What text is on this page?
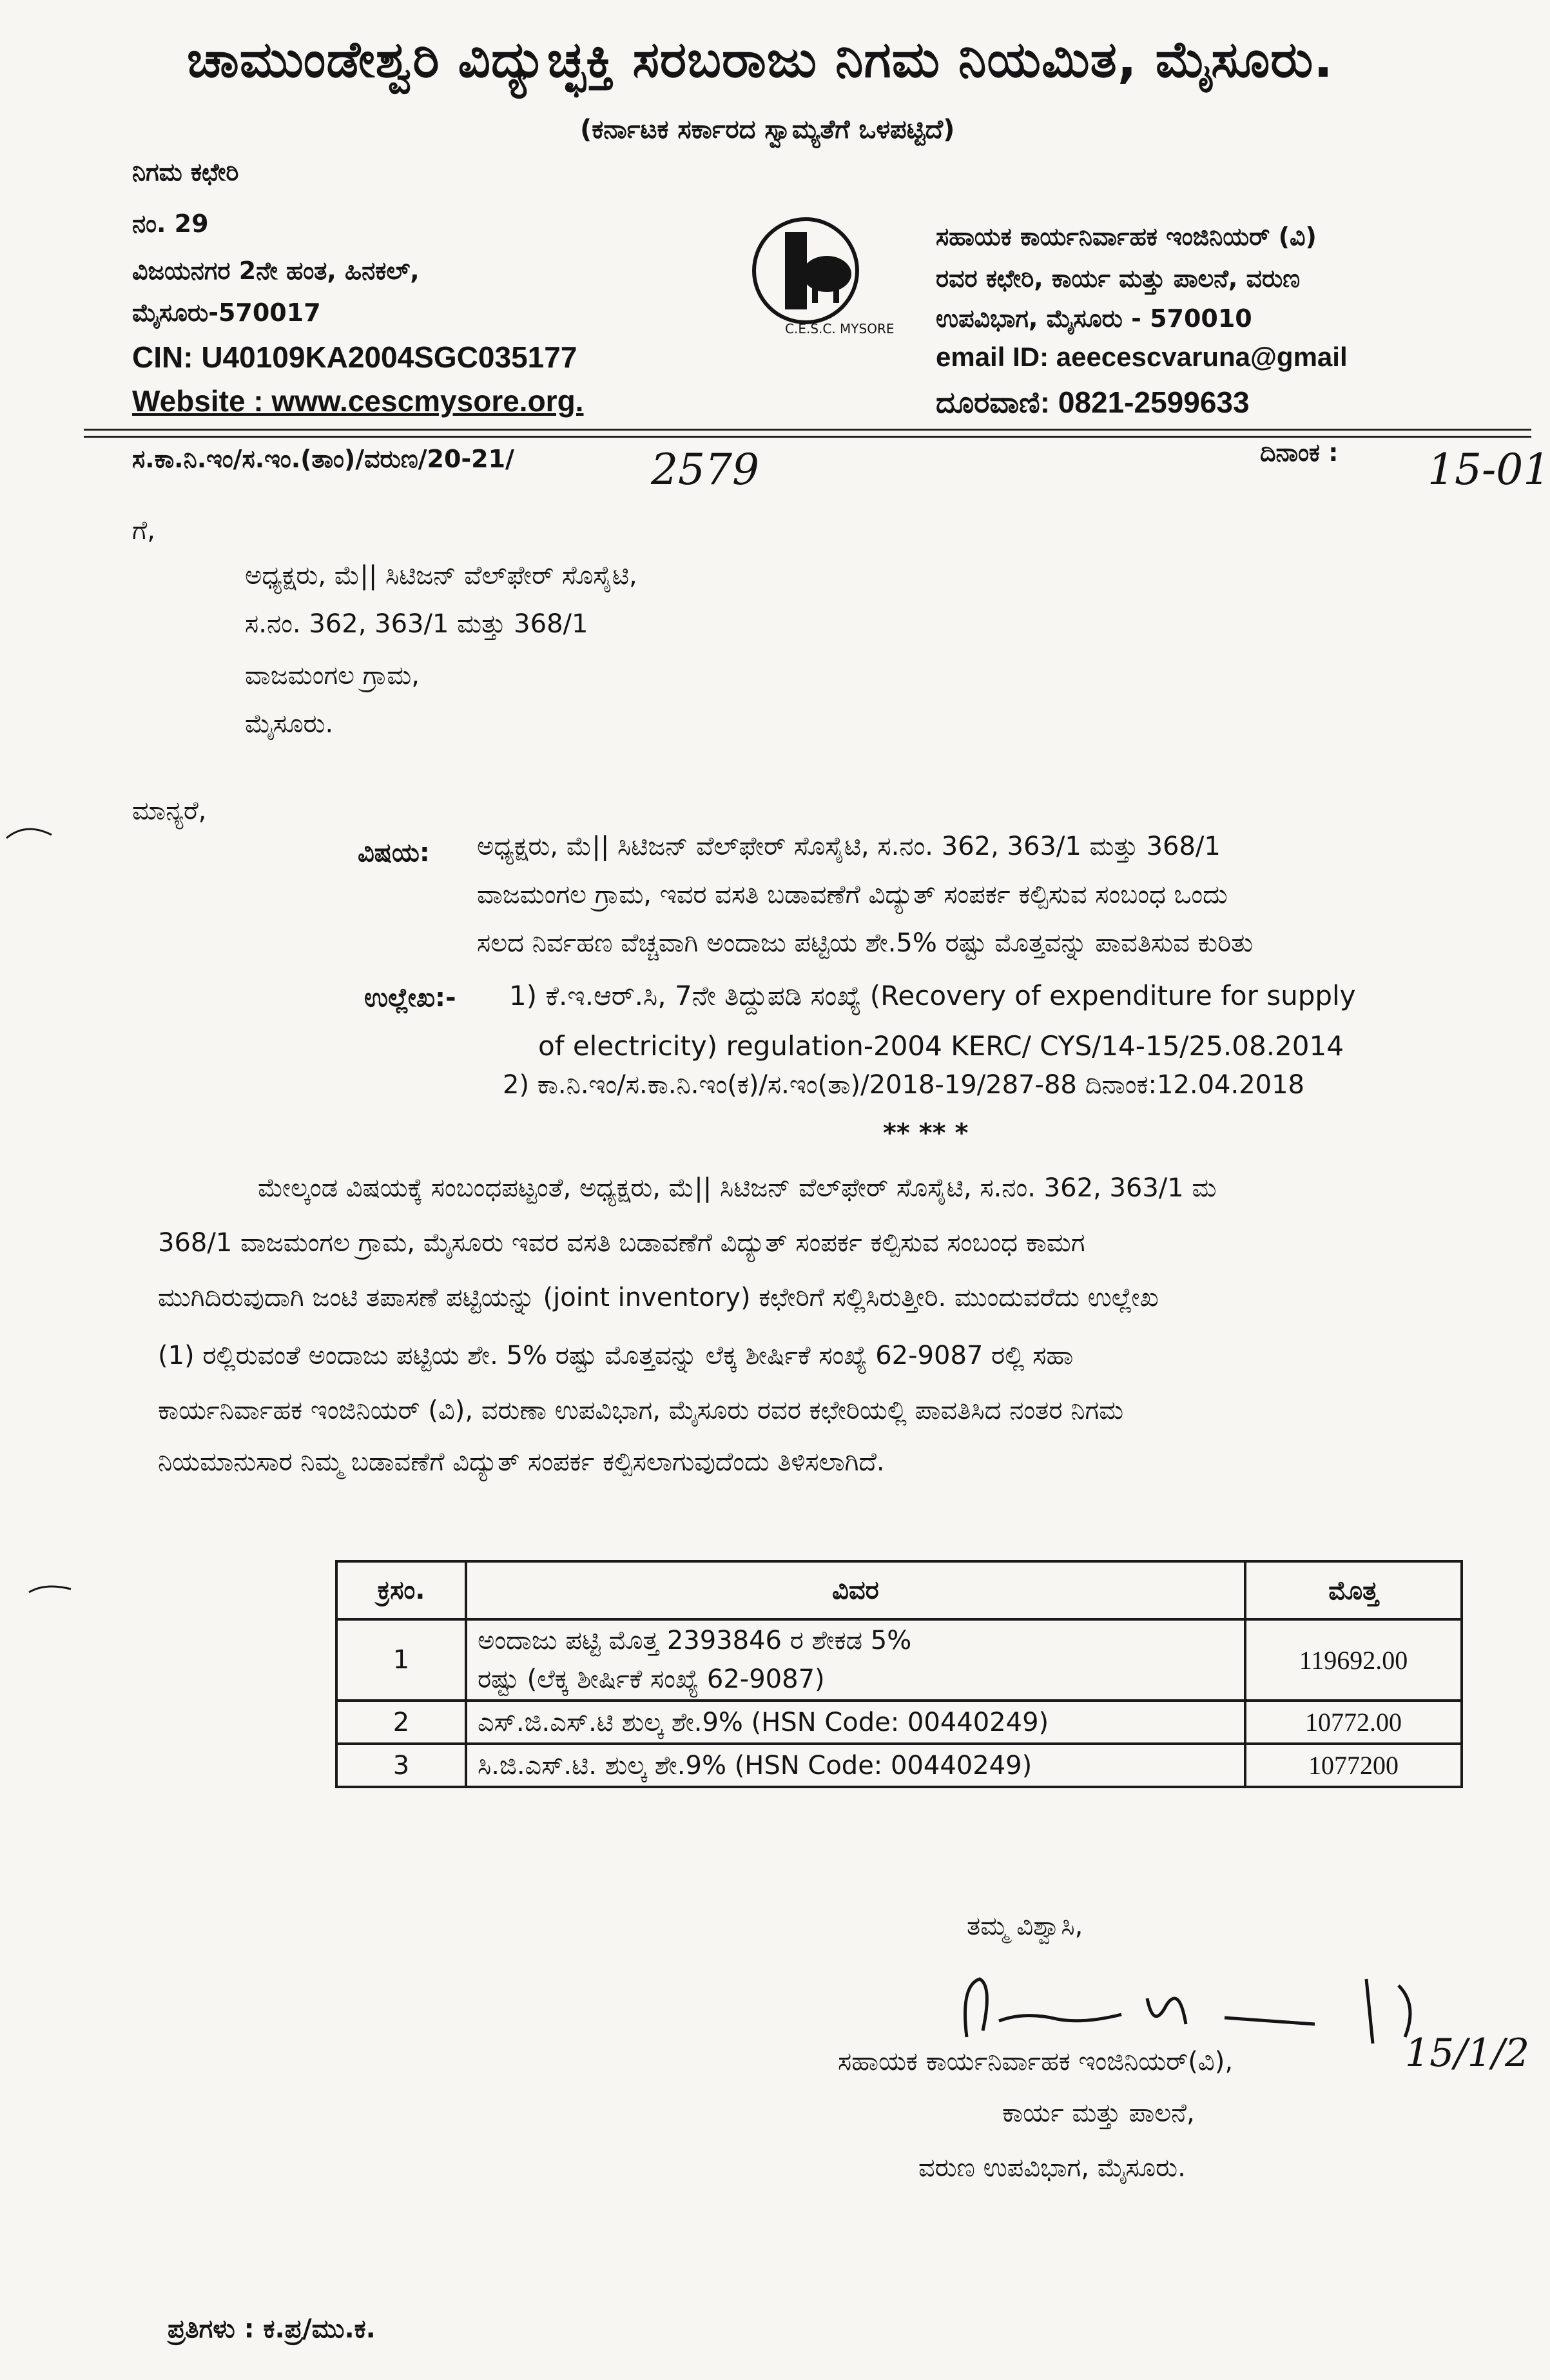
ಚಾಮುಂಡೇಶ್ವರಿ ವಿದ್ಯುಚ್ಛಕ್ತಿ ಸರಬರಾಜು ನಿಗಮ ನಿಯಮಿತ, ಮೈಸೂರು.
(ಕರ್ನಾಟಕ ಸರ್ಕಾರದ ಸ್ವಾಮ್ಯತೆಗೆ ಒಳಪಟ್ಟಿದೆ)
ನಿಗಮ ಕಛೇರಿ
ನಂ. 29
ವಿಜಯನಗರ 2ನೇ ಹಂತ, ಹಿನಕಲ್,
ಮೈಸೂರು-570017
CIN: U40109KA2004SGC035177
Website : www.cescmysore.org.
C.E.S.C. MYSORE
ಸಹಾಯಕ ಕಾರ್ಯನಿರ್ವಾಹಕ ಇಂಜಿನಿಯರ್ (ವಿ)
ರವರ ಕಛೇರಿ, ಕಾರ್ಯ ಮತ್ತು ಪಾಲನೆ, ವರುಣ
ಉಪವಿಭಾಗ, ಮೈಸೂರು - 570010
email ID: aeecescvaruna@gmail
ದೂರವಾಣಿ: 0821-2599633
ಸ.ಕಾ.ನಿ.ಇಂ/ಸ.ಇಂ.(ತಾಂ)/ವರುಣ/20-21/	2579	ದಿನಾಂಕ : 15-01
ಗೆ,
ಅಧ್ಯಕ್ಷರು, ಮೆ|| ಸಿಟಿಜನ್ ವೆಲ್‌ಫೇರ್ ಸೊಸೈಟಿ,
ಸ.ನಂ. 362, 363/1 ಮತ್ತು 368/1
ವಾಜಮಂಗಲ ಗ್ರಾಮ,
ಮೈಸೂರು.
ಮಾನ್ಯರೆ,
ವಿಷಯ: ಅಧ್ಯಕ್ಷರು, ಮೆ|| ಸಿಟಿಜನ್ ವೆಲ್‌ಫೇರ್ ಸೊಸೈಟಿ, ಸ.ನಂ. 362, 363/1 ಮತ್ತು 368/1
ವಾಜಮಂಗಲ ಗ್ರಾಮ, ಇವರ ವಸತಿ ಬಡಾವಣೆಗೆ ವಿದ್ಯುತ್ ಸಂಪರ್ಕ ಕಲ್ಪಿಸುವ ಸಂಬಂಧ ಒಂದು
ಸಲದ ನಿರ್ವಹಣ ವೆಚ್ಚವಾಗಿ ಅಂದಾಜು ಪಟ್ಟಿಯ ಶೇ.5% ರಷ್ಟು ಮೊತ್ತವನ್ನು ಪಾವತಿಸುವ ಕುರಿತು
ಉಲ್ಲೇಖ:- 1) ಕೆ.ಇ.ಆರ್.ಸಿ, 7ನೇ ತಿದ್ದುಪಡಿ ಸಂಖ್ಯೆ (Recovery of expenditure for supply
of electricity) regulation-2004 KERC/ CYS/14-15/25.08.2014
2) ಕಾ.ನಿ.ಇಂ/ಸ.ಕಾ.ನಿ.ಇಂ(ಕ)/ಸ.ಇಂ(ತಾ)/2018-19/287-88 ದಿನಾಂಕ:12.04.2018
** ** *
ಮೇಲ್ಕಂಡ ವಿಷಯಕ್ಕೆ ಸಂಬಂಧಪಟ್ಟಂತೆ, ಅಧ್ಯಕ್ಷರು, ಮೆ|| ಸಿಟಿಜನ್ ವೆಲ್‌ಫೇರ್ ಸೊಸೈಟಿ, ಸ.ನಂ. 362, 363/1 ಮ
368/1 ವಾಜಮಂಗಲ ಗ್ರಾಮ, ಮೈಸೂರು ಇವರ ವಸತಿ ಬಡಾವಣೆಗೆ ವಿದ್ಯುತ್ ಸಂಪರ್ಕ ಕಲ್ಪಿಸುವ ಸಂಬಂಧ ಕಾಮಗ
ಮುಗಿದಿರುವುದಾಗಿ ಜಂಟಿ ತಪಾಸಣೆ ಪಟ್ಟಿಯನ್ನು (joint inventory) ಕಛೇರಿಗೆ ಸಲ್ಲಿಸಿರುತ್ತೀರಿ. ಮುಂದುವರೆದು ಉಲ್ಲೇಖ
(1) ರಲ್ಲಿರುವಂತೆ ಅಂದಾಜು ಪಟ್ಟಿಯ ಶೇ. 5% ರಷ್ಟು ಮೊತ್ತವನ್ನು ಲೆಕ್ಕ ಶೀರ್ಷಿಕೆ ಸಂಖ್ಯೆ 62-9087 ರಲ್ಲಿ ಸಹಾ
ಕಾರ್ಯನಿರ್ವಾಹಕ ಇಂಜಿನಿಯರ್ (ವಿ), ವರುಣಾ ಉಪವಿಭಾಗ, ಮೈಸೂರು ರವರ ಕಛೇರಿಯಲ್ಲಿ ಪಾವತಿಸಿದ ನಂತರ ನಿಗಮ
ನಿಯಮಾನುಸಾರ ನಿಮ್ಮ ಬಡಾವಣೆಗೆ ವಿದ್ಯುತ್ ಸಂಪರ್ಕ ಕಲ್ಪಿಸಲಾಗುವುದೆಂದು ತಿಳಿಸಲಾಗಿದೆ.
ಕ್ರಸಂ.	ವಿವರ	ಮೊತ್ತ
1	ಅಂದಾಜು ಪಟ್ಟಿ ಮೊತ್ತ 2393846 ರ ಶೇಕಡ 5%
ರಷ್ಟು (ಲೆಕ್ಕ ಶೀರ್ಷಿಕೆ ಸಂಖ್ಯೆ 62-9087)	119692.00
2	ಎಸ್.ಜಿ.ಎಸ್.ಟಿ ಶುಲ್ಕ ಶೇ.9% (HSN Code: 00440249)	10772.00
3	ಸಿ.ಜಿ.ಎಸ್.ಟಿ. ಶುಲ್ಕ ಶೇ.9% (HSN Code: 00440249)	1077200
ತಮ್ಮ ವಿಶ್ವಾಸಿ,
ಸಹಾಯಕ ಕಾರ್ಯನಿರ್ವಾಹಕ ಇಂಜಿನಿಯರ್(ವಿ),	15/1/2
ಕಾರ್ಯ ಮತ್ತು ಪಾಲನೆ,
ವರುಣ ಉಪವಿಭಾಗ, ಮೈಸೂರು.
ಪ್ರತಿಗಳು : ಕ.ಪ್ರ/ಮು.ಕ.
